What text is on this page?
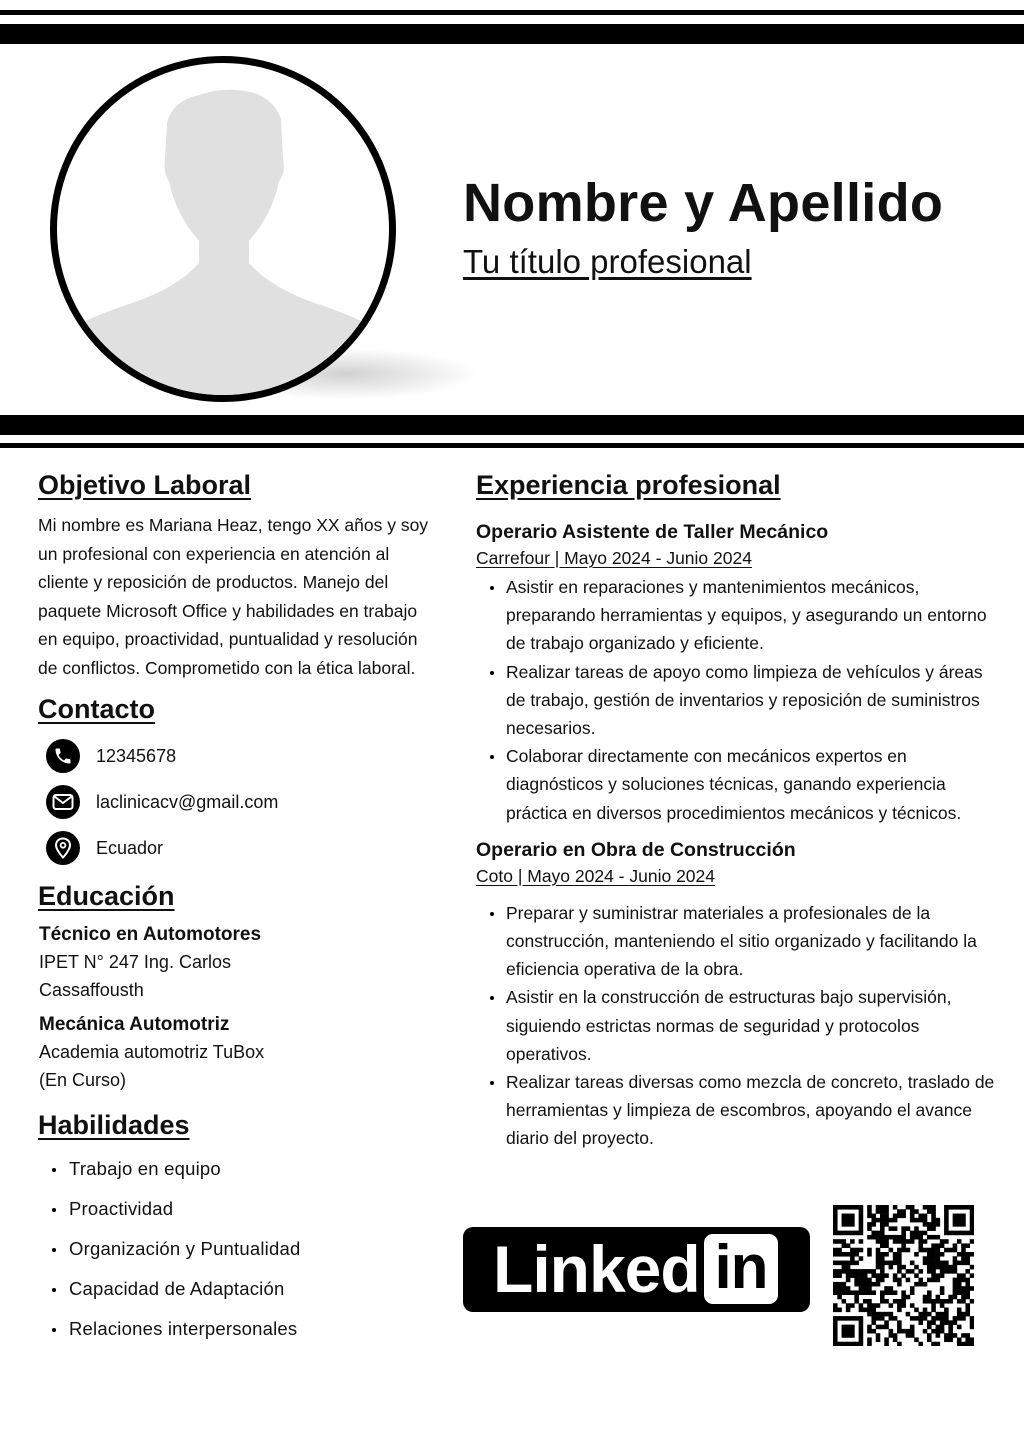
Nombre y Apellido
Tu título profesional
Objetivo Laboral
Mi nombre es Mariana Heaz, tengo XX años y soy un profesional con experiencia en atención al cliente y reposición de productos. Manejo del paquete Microsoft Office y habilidades en trabajo en equipo, proactividad, puntualidad y resolución de conflictos. Comprometido con la ética laboral.
Contacto
12345678
laclinicacv@gmail.com
Ecuador
Educación
Técnico en Automotores
IPET N° 247 Ing. Carlos
Cassaffousth
Mecánica Automotriz
Academia automotriz TuBox
(En Curso)
Habilidades
Trabajo en equipo
Proactividad
Organización y Puntualidad
Capacidad de Adaptación
Relaciones interpersonales
Experiencia profesional
Operario Asistente de Taller Mecánico
Carrefour | Mayo 2024 - Junio 2024
Asistir en reparaciones y mantenimientos mecánicos, preparando herramientas y equipos, y asegurando un entorno de trabajo organizado y eficiente.
Realizar tareas de apoyo como limpieza de vehículos y áreas de trabajo, gestión de inventarios y reposición de suministros necesarios.
Colaborar directamente con mecánicos expertos en diagnósticos y soluciones técnicas, ganando experiencia práctica en diversos procedimientos mecánicos y técnicos.
Operario en Obra de Construcción
Coto | Mayo 2024 - Junio 2024
Preparar y suministrar materiales a profesionales de la construcción, manteniendo el sitio organizado y facilitando la eficiencia operativa de la obra.
Asistir en la construcción de estructuras bajo supervisión, siguiendo estrictas normas de seguridad y protocolos operativos.
Realizar tareas diversas como mezcla de concreto, traslado de herramientas y limpieza de escombros, apoyando el avance diario del proyecto.
Linked in
